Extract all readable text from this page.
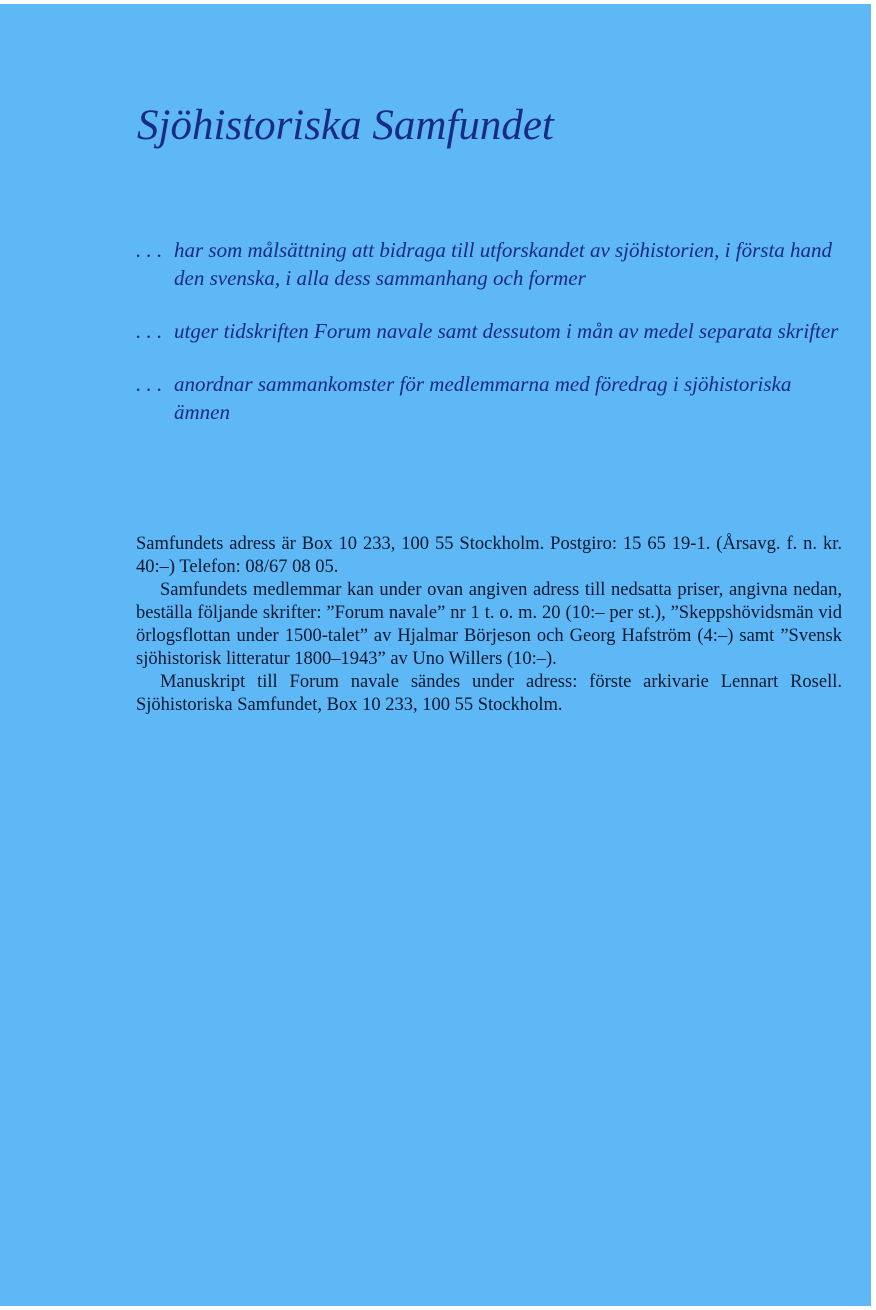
Sjöhistoriska Samfundet
. . . har som målsättning att bidraga till utforskandet av sjöhistorien, i första hand den svenska, i alla dess sammanhang och former
. . . utger tidskriften Forum navale samt dessutom i mån av medel separata skrifter
. . . anordnar sammankomster för medlemmarna med föredrag i sjöhistoriska ämnen

Samfundets adress är Box 10 233, 100 55 Stockholm. Postgiro: 15 65 19-1. (Årsavg. f. n. kr. 40:–) Telefon: 08/67 08 05.

Samfundets medlemmar kan under ovan angiven adress till nedsatta priser, angivna nedan, beställa följande skrifter: ”Forum navale” nr 1 t. o. m. 20 (10:– per st.), ”Skeppshövidsmän vid örlogsflottan under 1500-talet” av Hjalmar Börjeson och Georg Hafström (4:–) samt ”Svensk sjöhistorisk litteratur 1800–1943” av Uno Willers (10:–).

Manuskript till Forum navale sändes under adress: förste arkivarie Lennart Rosell. Sjöhistoriska Samfundet, Box 10 233, 100 55 Stockholm.
